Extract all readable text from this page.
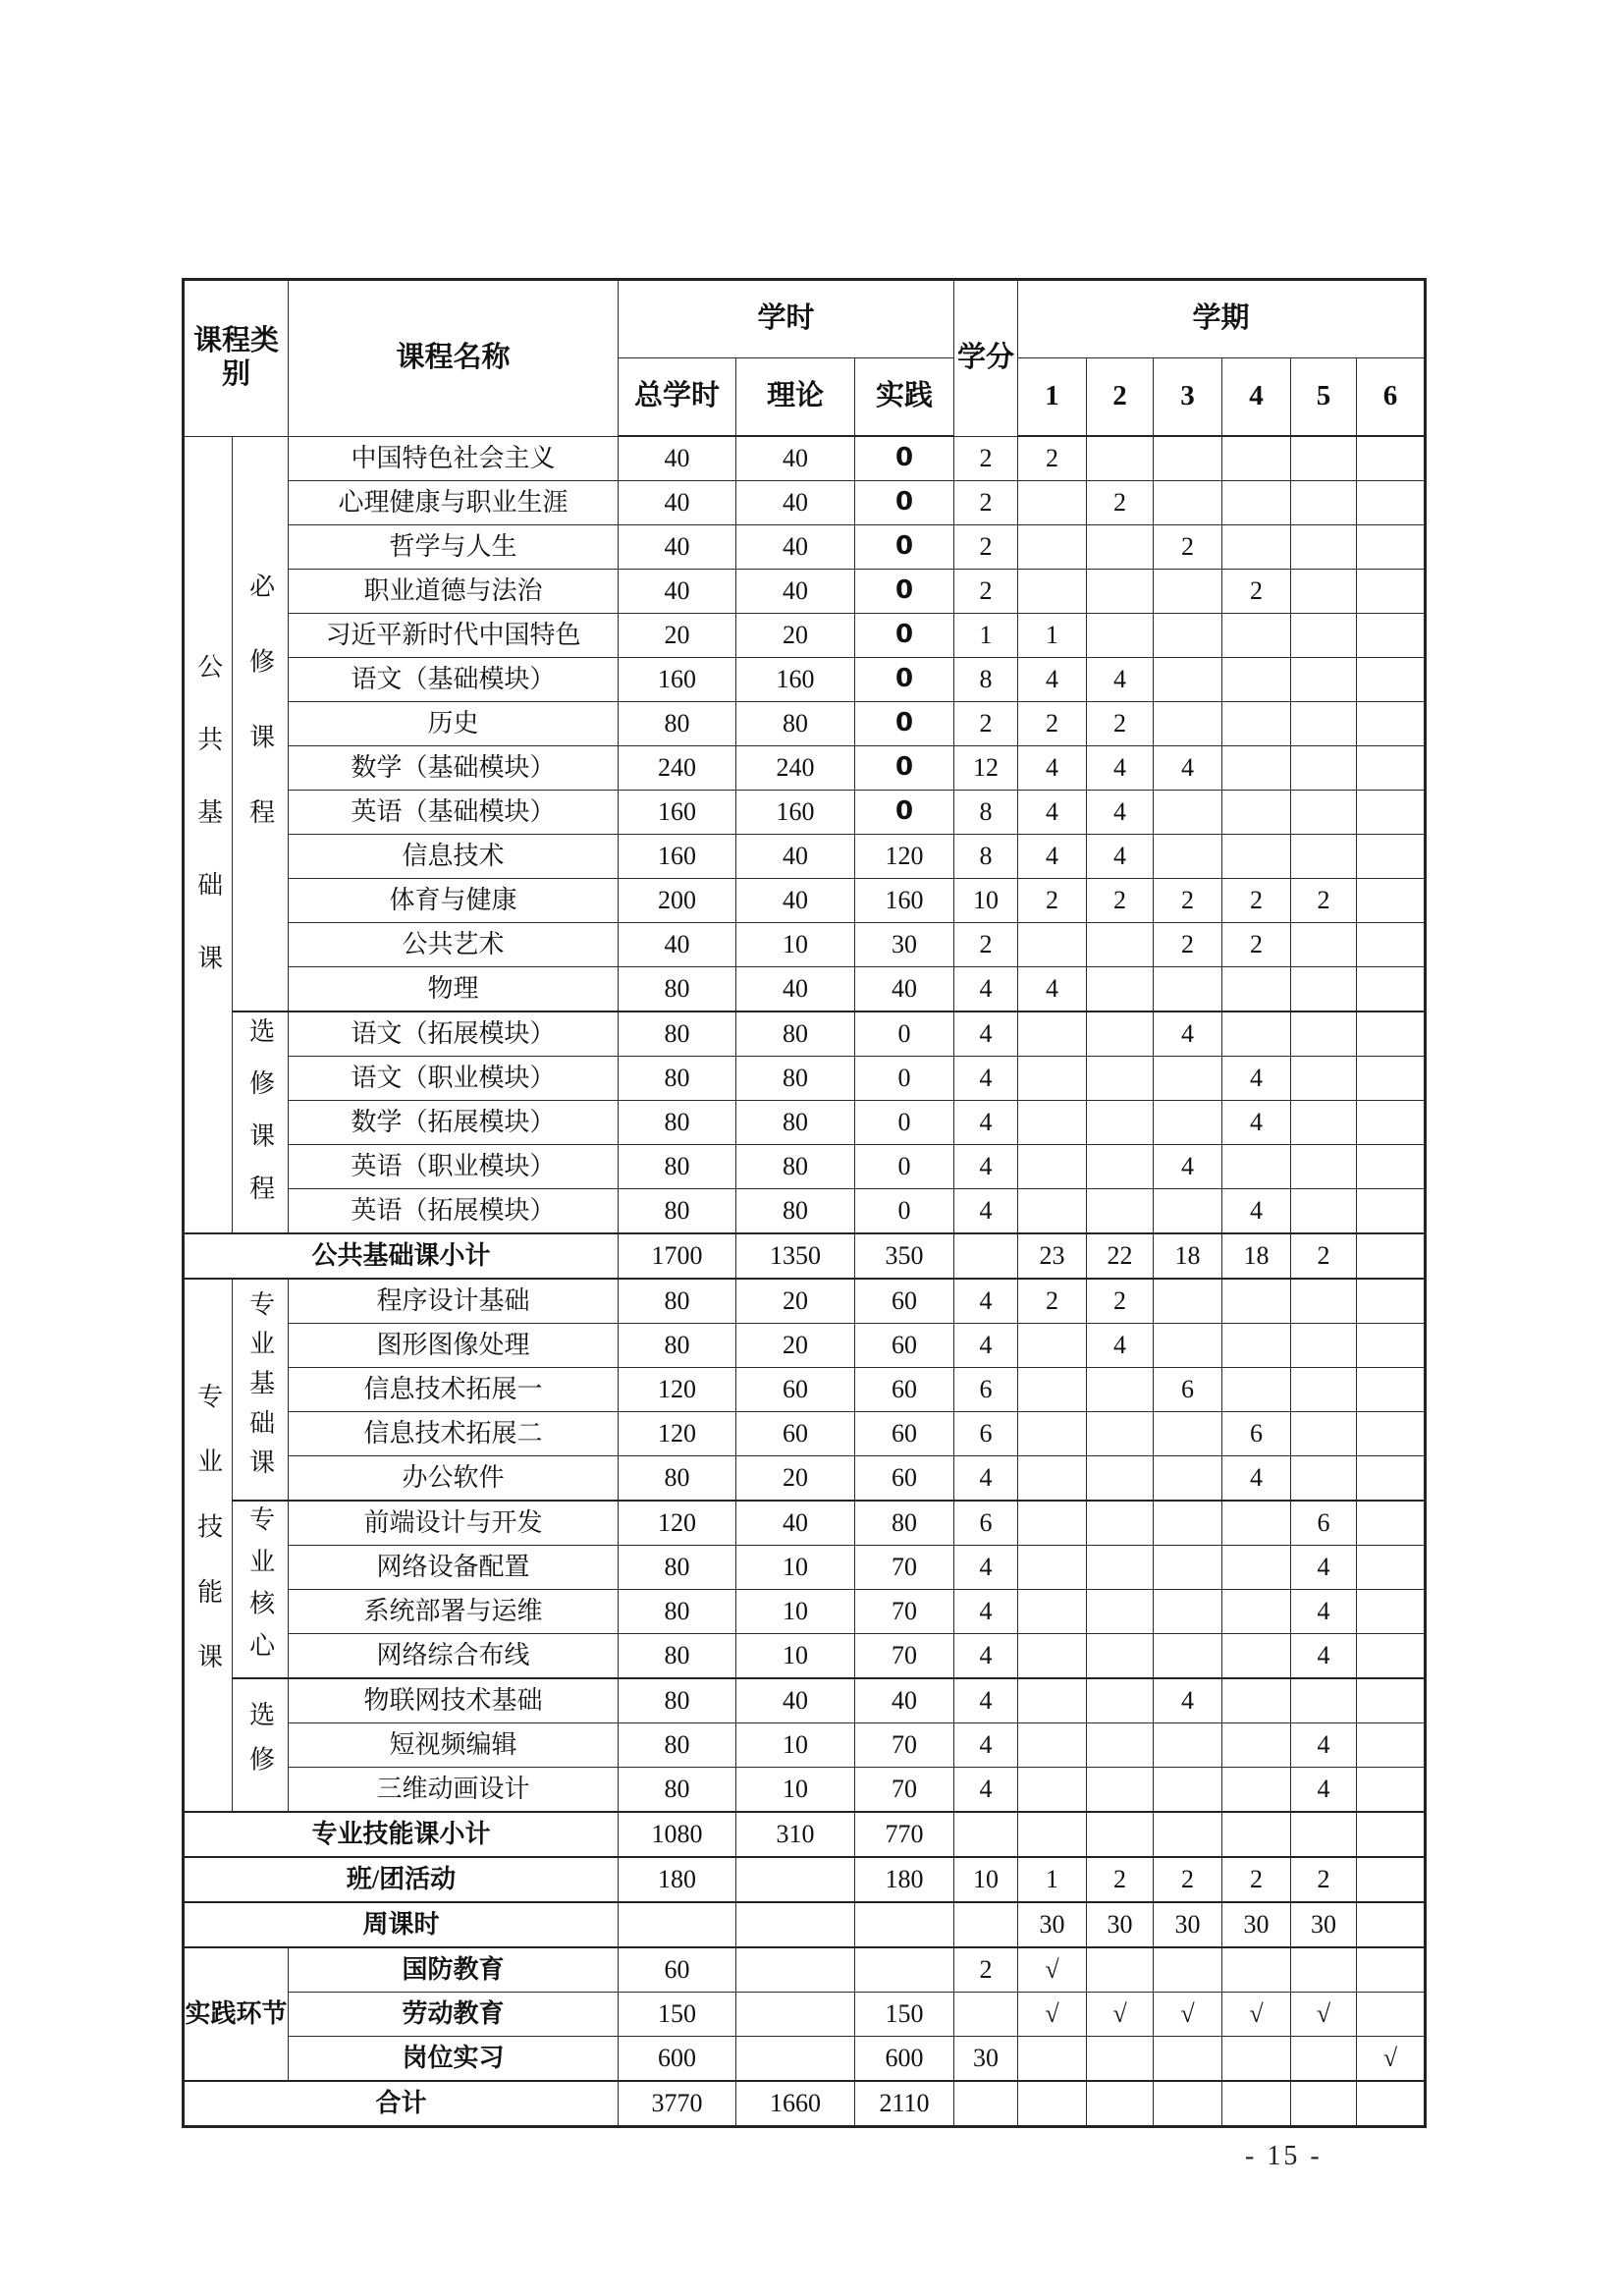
课程类别		课程名称	学时			学分	学期					
			总学时	理论	实践		1	2	3	4	5	6
公共基础课	必修课程	中国特色社会主义	40	40	0	2	2					
		心理健康与职业生涯	40	40	0	2		2				
		哲学与人生	40	40	0	2			2			
		职业道德与法治	40	40	0	2				2		
		习近平新时代中国特色	20	20	0	1	1					
		语文（基础模块）	160	160	0	8	4	4				
		历史	80	80	0	2	2	2				
		数学（基础模块）	240	240	0	12	4	4	4			
		英语（基础模块）	160	160	0	8	4	4				
		信息技术	160	40	120	8	4	4				
		体育与健康	200	40	160	10	2	2	2	2	2	
		公共艺术	40	10	30	2			2	2		
		物理	80	40	40	4	4					
	选修课程	语文（拓展模块）	80	80	0	4			4			
		语文（职业模块）	80	80	0	4				4		
		数学（拓展模块）	80	80	0	4				4		
		英语（职业模块）	80	80	0	4			4			
		英语（拓展模块）	80	80	0	4				4		
公共基础课小计			1700	1350	350		23	22	18	18	2	
专业技能课	专业基础课	程序设计基础	80	20	60	4	2	2				
		图形图像处理	80	20	60	4		4				
		信息技术拓展一	120	60	60	6			6			
		信息技术拓展二	120	60	60	6				6		
		办公软件	80	20	60	4				4		
	专业核心	前端设计与开发	120	40	80	6					6	
		网络设备配置	80	10	70	4					4	
		系统部署与运维	80	10	70	4					4	
		网络综合布线	80	10	70	4					4	
	选修	物联网技术基础	80	40	40	4			4			
		短视频编辑	80	10	70	4					4	
		三维动画设计	80	10	70	4					4	
专业技能课小计			1080	310	770							
班/团活动			180		180	10	1	2	2	2	2	
周课时							30	30	30	30	30	
实践环节		国防教育	60			2	√					
		劳动教育	150		150		√	√	√	√	√	
		岗位实习	600		600	30						√
合计			3770	1660	2110							
- 15 -
